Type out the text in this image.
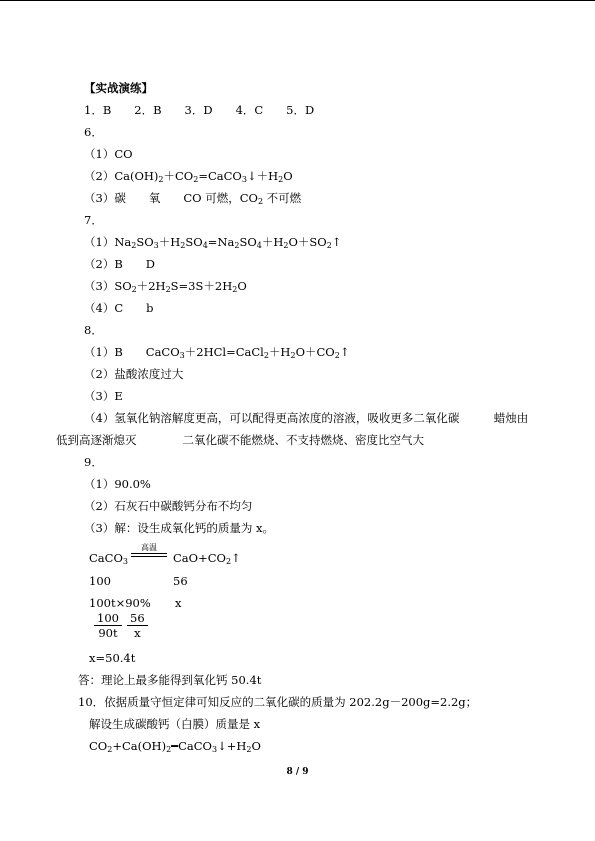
【实战演练】
1．B　　2．B　　3．D　　4．C　　5．D
6．
（1）CO
$(2)Ca(OH)_2+CO_2=CaCO_3↓+H_2O$
（3）碳　　氧　　CO 可燃，$CO_2$ 不可燃
7．
$(1)Na_2SO_3+H_2SO_4=Na_2SO_4+H_2O+SO_2↑$
（2）B　　D
$(3)SO_2+2H_2S=3S+2H_2O$
（4）C　　b
8．
（1）B　　$CaCO_3+2HCl=CaCl_2+H_2O+CO_2↑$
（2）盐酸浓度过大
（3）E
（4）氢氧化钠溶解度更高，可以配得更高浓度的溶液，吸收更多二氧化碳　　　蜡烛由
低到高逐渐熄灭　　　　二氧化碳不能燃烧、不支持燃烧、密度比空气大
9．
（1）90.0%
（2）石灰石中碳酸钙分布不均匀
（3）解：设生成氧化钙的质量为 x。
CaCO$_3$
高温
$CaO+CO_2↑$
100	56
100t×90% x
$\frac{100}{90t} \frac{56}{x}$
x=50.4t
答：理论上最多能得到氧化钙 50.4t
10．依据质量守恒定律可知反应的二氧化碳的质量为 202.2g－200g=2.2g；
解设生成碳酸钙（白膜）质量是 x
$CO_2+Ca(OH)_2━CaCO_3↓+H_2O$
8 / 9
